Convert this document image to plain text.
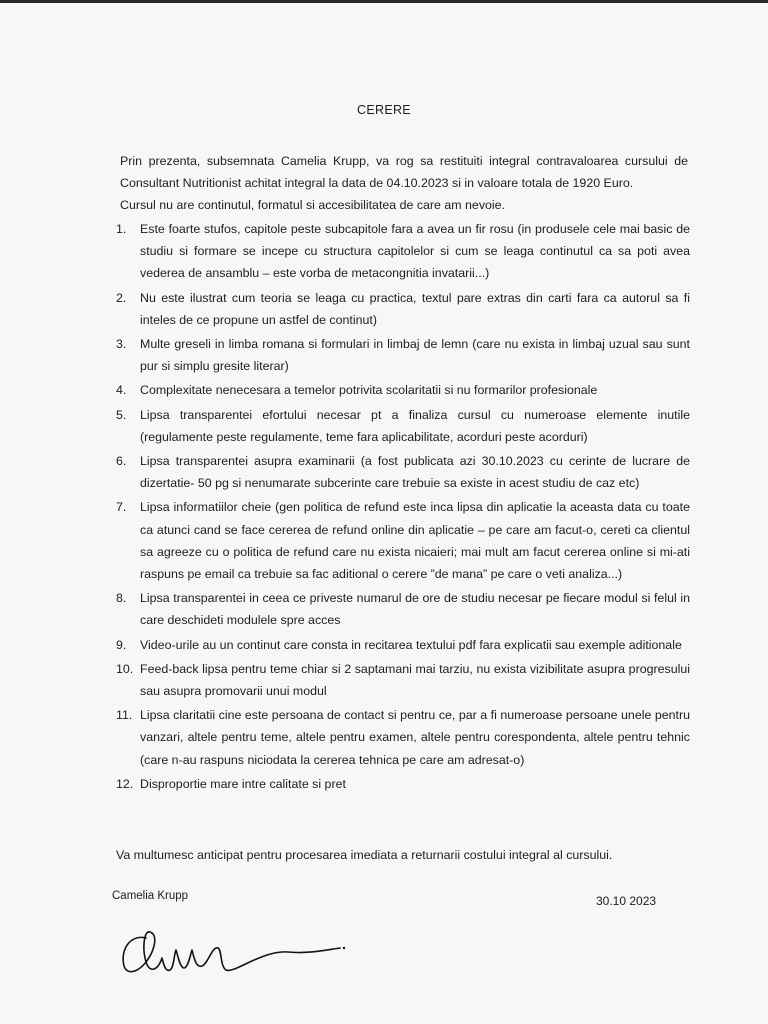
CERERE

Prin prezenta, subsemnata Camelia Krupp, va rog sa restituiti integral contravaloarea cursului de Consultant Nutritionist achitat integral la data de 04.10.2023 si in valoare totala de 1920 Euro.

Cursul nu are continutul, formatul si accesibilitatea de care am nevoie.

1. Este foarte stufos, capitole peste subcapitole fara a avea un fir rosu (in produsele cele mai basic de studiu si formare se incepe cu structura capitolelor si cum se leaga continutul ca sa poti avea vederea de ansamblu – este vorba de metacongnitia invatarii...)
2. Nu este ilustrat cum teoria se leaga cu practica, textul pare extras din carti fara ca autorul sa fi inteles de ce propune un astfel de continut)
3. Multe greseli in limba romana si formulari in limbaj de lemn (care nu exista in limbaj uzual sau sunt pur si simplu gresite literar)
4. Complexitate nenecesara a temelor potrivita scolaritatii si nu formarilor profesionale
5. Lipsa transparentei efortului necesar pt a finaliza cursul cu numeroase elemente inutile (regulamente peste regulamente, teme fara aplicabilitate, acorduri peste acorduri)
6. Lipsa transparentei asupra examinarii (a fost publicata azi 30.10.2023 cu cerinte de lucrare de dizertatie- 50 pg si nenumarate subcerinte care trebuie sa existe in acest studiu de caz etc)
7. Lipsa informatiilor cheie (gen politica de refund este inca lipsa din aplicatie la aceasta data cu toate ca atunci cand se face cererea de refund online din aplicatie – pe care am facut-o, cereti ca clientul sa agreeze cu o politica de refund care nu exista nicaieri; mai mult am facut cererea online si mi-ati raspuns pe email ca trebuie sa fac aditional o cerere ”de mana” pe care o veti analiza...)
8. Lipsa transparentei in ceea ce priveste numarul de ore de studiu necesar pe fiecare modul si felul in care deschideti modulele spre acces
9. Video-urile au un continut care consta in recitarea textului pdf fara explicatii sau exemple aditionale
10. Feed-back lipsa pentru teme chiar si 2 saptamani mai tarziu, nu exista vizibilitate asupra progresului sau asupra promovarii unui modul
11. Lipsa claritatii cine este persoana de contact si pentru ce, par a fi numeroase persoane unele pentru vanzari, altele pentru teme, altele pentru examen, altele pentru corespondenta, altele pentru tehnic (care n-au raspuns niciodata la cererea tehnica pe care am adresat-o)
12. Disproportie mare intre calitate si pret
Va multumesc anticipat pentru procesarea imediata a returnarii costului integral al cursului.
Camelia Krupp	30.10 2023
